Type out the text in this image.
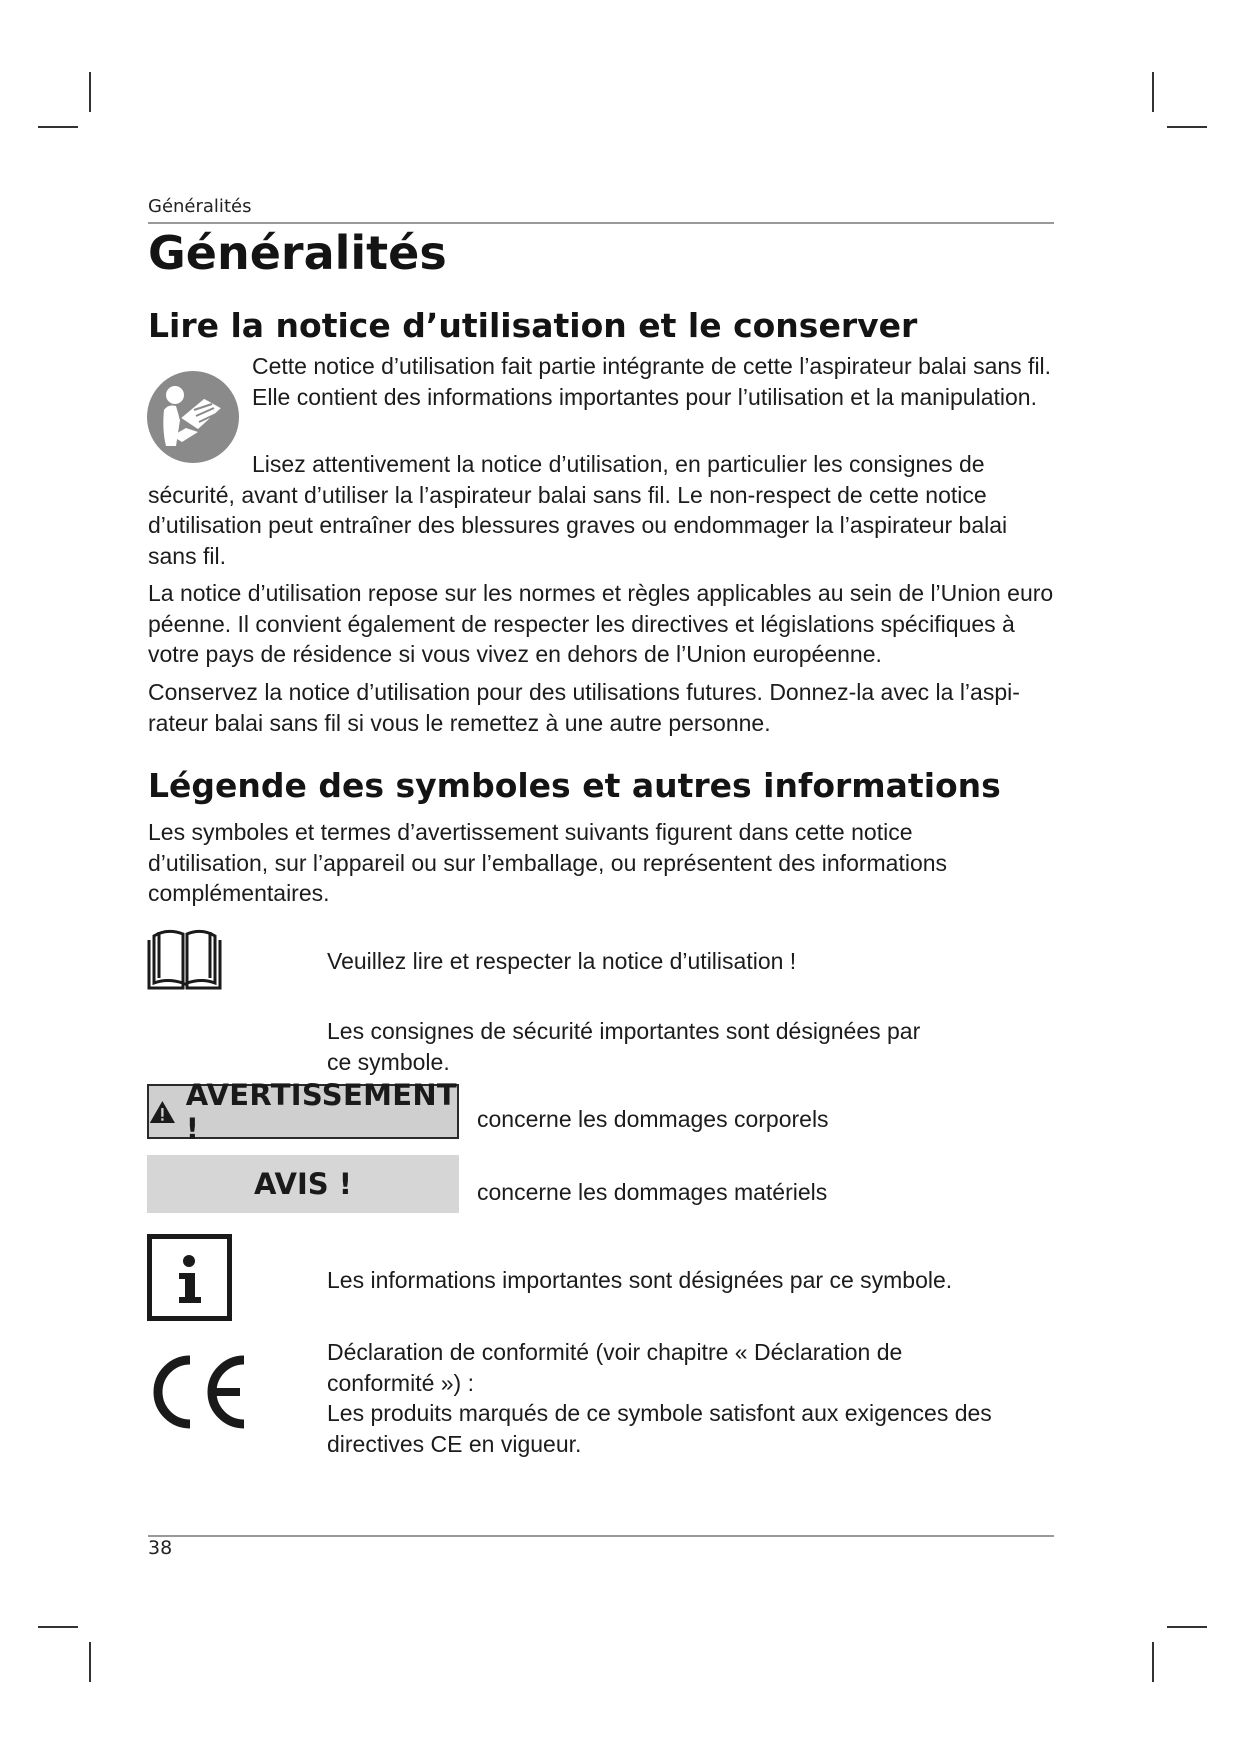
Généralités
Généralités
Lire la notice d’utilisation et le conserver

Cette notice d’utilisation fait partie intégrante de cette l’aspirateur balai sans fil. Elle contient des informations importantes pour l’utilisation et la manipulation.

Lisez attentivement la notice d’utilisation, en particulier les consignes de sécurité, avant d’utiliser la l’aspirateur balai sans fil. Le non-respect de cette notice d’utilisation peut entraîner des blessures graves ou endommager la l’aspirateur balai sans fil.

La notice d’utilisation repose sur les normes et règles applicables au sein de l’Union euro péenne. Il convient également de respecter les directives et législations spécifiques à votre pays de résidence si vous vivez en dehors de l’Union européenne.

Conservez la notice d’utilisation pour des utilisations futures. Donnez-la avec la l’aspirateur balai sans fil si vous le remettez à une autre personne.

Légende des symboles et autres informations

Les symboles et termes d’avertissement suivants figurent dans cette notice d’utilisation, sur l’appareil ou sur l’emballage, ou représentent des informations complémentaires.

Veuillez lire et respecter la notice d’utilisation !

Les consignes de sécurité importantes sont désignées par ce symbole.

AVERTISSEMENT !	concerne les dommages corporels

AVIS !	concerne les dommages matériels

Les informations importantes sont désignées par ce symbole.

Déclaration de conformité (voir chapitre « Déclaration de conformité ») :

Les produits marqués de ce symbole satisfont aux exigences des directives CE en vigueur.

38
